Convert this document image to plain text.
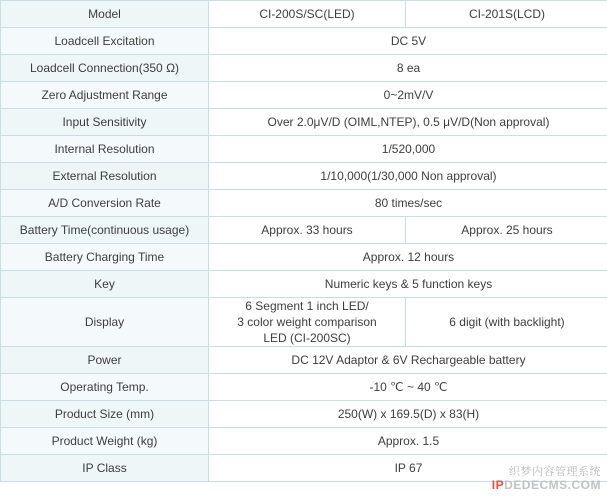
Model	CI-200S/SC(LED)	CI-201S(LCD)
Loadcell Excitation	DC 5V	
Loadcell Connection(350 Ω)	8 ea	
Zero Adjustment Range	0~2mV/V	
Input Sensitivity	Over 2.0μV/D (OIML,NTEP), 0.5 μV/D(Non approval)	
Internal Resolution	1/520,000	
External Resolution	1/10,000(1/30,000 Non approval)	
A/D Conversion Rate	80 times/sec	
Battery Time(continuous usage)	Approx. 33 hours	Approx. 25 hours
Battery Charging Time	Approx. 12 hours	
Key	Numeric keys & 5 function keys	
Display	6 Segment 1 inch LED/
3 color weight comparison
LED (CI-200SC)	6 digit (with backlight)
Power	DC 12V Adaptor & 6V Rechargeable battery	
Operating Temp.	-10 ℃ ~ 40 ℃	
Product Size (mm)	250(W) x 169.5(D) x 83(H)	
Product Weight (kg)	Approx. 1.5	
IP Class	IP 67		织梦内容管理系统
IPDEDECMS.COM
